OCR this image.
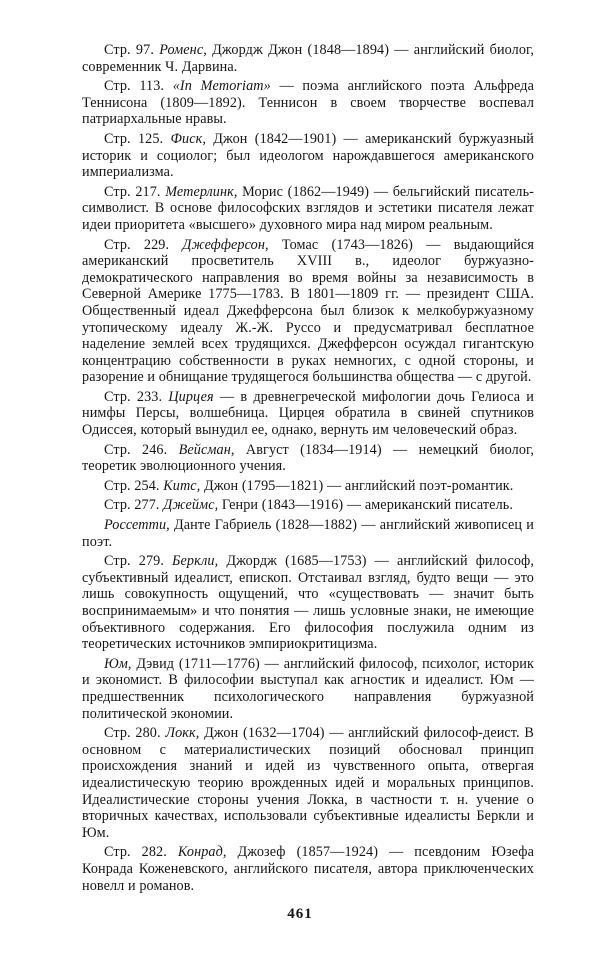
Стр. 97. Роменс, Джордж Джон (1848—1894) — английский биолог, современник Ч. Дарвина.

Стр. 113. «In Memoriam» — поэма английского поэта Альфреда Теннисона (1809—1892). Теннисон в своем творчестве воспевал патриархальные нравы.

Стр. 125. Фиск, Джон (1842—1901) — американский буржуазный историк и социолог; был идеологом нарождавшегося американского империализма.

Стр. 217. Метерлинк, Морис (1862—1949) — бельгийский писатель-символист. В основе философских взглядов и эстетики писателя лежат идеи приоритета «высшего» духовного мира над миром реальным.

Стр. 229. Джефферсон, Томас (1743—1826) — выдающийся американский просветитель XVIII в., идеолог буржуазно-демократического направления во время войны за независимость в Северной Америке 1775—1783. В 1801—1809 гг. — президент США. Общественный идеал Джефферсона был близок к мелкобуржуазному утопическому идеалу Ж.-Ж. Руссо и предусматривал бесплатное наделение землей всех трудящихся. Джефферсон осуждал гигантскую концентрацию собственности в руках немногих, с одной стороны, и разорение и обнищание трудящегося большинства общества — с другой.

Стр. 233. Цирцея — в древнегреческой мифологии дочь Гелиоса и нимфы Персы, волшебница. Цирцея обратила в свиней спутников Одиссея, который вынудил ее, однако, вернуть им человеческий образ.

Стр. 246. Вейсман, Август (1834—1914) — немецкий биолог, теоретик эволюционного учения.

Стр. 254. Китс, Джон (1795—1821) — английский поэт-романтик.

Стр. 277. Джеймс, Генри (1843—1916) — американский писатель.

Россетти, Данте Габриель (1828—1882) — английский живописец и поэт.

Стр. 279. Беркли, Джордж (1685—1753) — английский философ, субъективный идеалист, епископ. Отстаивал взгляд, будто вещи — это лишь совокупность ощущений, что «существовать — значит быть воспринимаемым» и что понятия — лишь условные знаки, не имеющие объективного содержания. Его философия послужила одним из теоретических источников эмпириокритицизма.

Юм, Дэвид (1711—1776) — английский философ, психолог, историк и экономист. В философии выступал как агностик и идеалист. Юм — предшественник психологического направления буржуазной политической экономии.

Стр. 280. Локк, Джон (1632—1704) — английский философ-деист. В основном с материалистических позиций обосновал принцип происхождения знаний и идей из чувственного опыта, отвергая идеалистическую теорию врожденных идей и моральных принципов. Идеалистические стороны учения Локка, в частности т. н. учение о вторичных качествах, использовали субъективные идеалисты Беркли и Юм.

Стр. 282. Конрад, Джозеф (1857—1924) — псевдоним Юзефа Конрада Коженевского, английского писателя, автора приключенческих новелл и романов.

461
